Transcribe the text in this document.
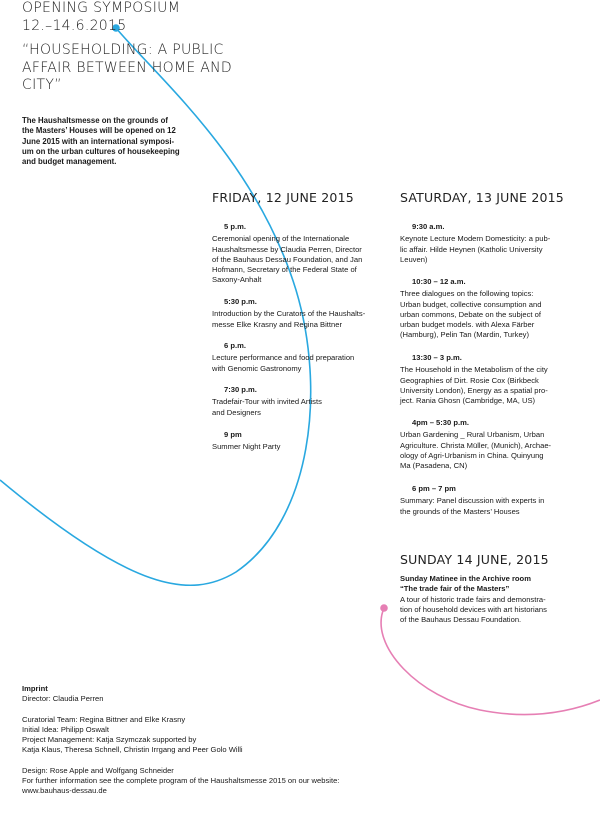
OPENING SYMPOSIUM
12.–14.6.2015
“HOUSEHOLDING: A PUBLIC
AFFAIR BETWEEN HOME AND
CITY”
The Haushaltsmesse on the grounds of
the Masters’ Houses will be opened on 12
June 2015 with an international symposi-
um on the urban cultures of housekeeping
and budget management.
FRIDAY, 12 JUNE 2015
5 p.m.
Ceremonial opening of the Internationale
Haushaltsmesse by Claudia Perren, Director
of the Bauhaus Dessau Foundation, and Jan
Hofmann, Secretary of the Federal State of
Saxony-Anhalt
5:30 p.m.
Introduction by the Curators of the Haushalts-
messe Elke Krasny and Regina Bittner
6 p.m.
Lecture performance and food preparation
with Genomic Gastronomy
7:30 p.m.
Tradefair-Tour with invited Artists
and Designers
9 pm
Summer Night Party
SATURDAY, 13 JUNE 2015
9:30 a.m.
Keynote Lecture Modern Domesticity: a pub-
lic affair. Hilde Heynen (Katholic University
Leuven)
10:30 – 12 a.m.
Three dialogues on the following topics:
Urban budget, collective consumption and
urban commons, Debate on the subject of
urban budget models. with Alexa Färber
(Hamburg), Pelin Tan (Mardin, Turkey)
13:30 – 3 p.m.
The Household in the Metabolism of the city
Geographies of Dirt. Rosie Cox (Birkbeck
University London), Energy as a spatial pro-
ject. Rania Ghosn (Cambridge, MA, US)
4pm – 5:30 p.m.
Urban Gardening _ Rural Urbanism, Urban
Agriculture. Christa Müller, (Munich), Archae-
ology of Agri-Urbanism in China. Quinyung
Ma (Pasadena, CN)
6 pm – 7 pm
Summary: Panel discussion with experts in
the grounds of the Masters’ Houses
SUNDAY 14 JUNE, 2015
Sunday Matinee in the Archive room
“The trade fair of the Masters”
A tour of historic trade fairs and demonstra-
tion of household devices with art historians
of the Bauhaus Dessau Foundation.
Imprint
Director: Claudia Perren
Curatorial Team: Regina Bittner and Elke Krasny
Initial Idea: Philipp Oswalt
Project Management: Katja Szymczak supported by
Katja Klaus, Theresa Schnell, Christin Irrgang and Peer Golo Willi
Design: Rose Apple and Wolfgang Schneider
For further information see the complete program of the Haushaltsmesse 2015 on our website:
www.bauhaus-dessau.de
